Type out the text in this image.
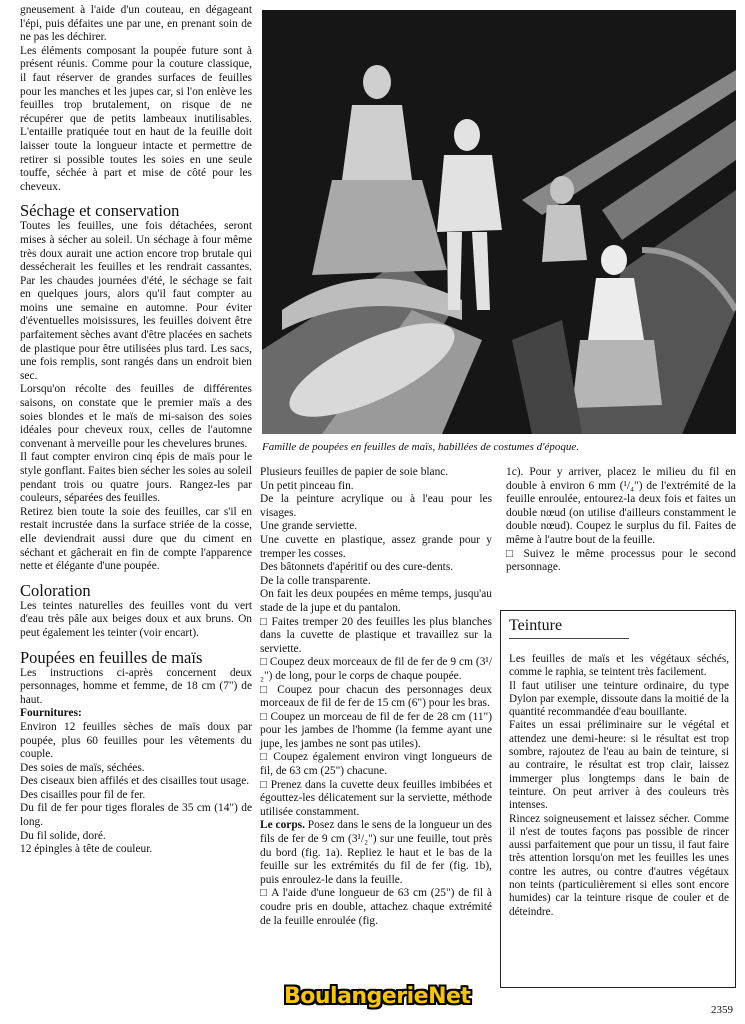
gneusement à l'aide d'un couteau, en dégageant l'épi, puis défaites une par une, en prenant soin de ne pas les déchirer.

Les éléments composant la poupée future sont à présent réunis. Comme pour la couture classique, il faut réserver de grandes surfaces de feuilles pour les manches et les jupes car, si l'on enlève les feuilles trop brutalement, on risque de ne récupérer que de petits lambeaux inutilisables. L'entaille pratiquée tout en haut de la feuille doit laisser toute la longueur intacte et permettre de retirer si possible toutes les soies en une seule touffe, séchée à part et mise de côté pour les cheveux.

Séchage et conservation

Toutes les feuilles, une fois détachées, seront mises à sécher au soleil. Un séchage à four même très doux aurait une action encore trop brutale qui dessécherait les feuilles et les rendrait cassantes. Par les chaudes journées d'été, le séchage se fait en quelques jours, alors qu'il faut compter au moins une semaine en automne. Pour éviter d'éventuelles moisissures, les feuilles doivent être parfaitement sèches avant d'être placées en sachets de plastique pour être utilisées plus tard. Les sacs, une fois remplis, sont rangés dans un endroit bien sec.

Lorsqu'on récolte des feuilles de différentes saisons, on constate que le premier maïs a des soies blondes et le maïs de mi-saison des soies idéales pour cheveux roux, celles de l'automne convenant à merveille pour les chevelures brunes.

Il faut compter environ cinq épis de maïs pour le style gonflant. Faites bien sécher les soies au soleil pendant trois ou quatre jours. Rangez-les par couleurs, séparées des feuilles.

Retirez bien toute la soie des feuilles, car s'il en restait incrustée dans la surface striée de la cosse, elle deviendrait aussi dure que du ciment en séchant et gâcherait en fin de compte l'apparence nette et élégante d'une poupée.

Coloration

Les teintes naturelles des feuilles vont du vert d'eau très pâle aux beiges doux et aux bruns. On peut également les teinter (voir encart).

Poupées en feuilles de maïs

Les instructions ci-après concernent deux personnages, homme et femme, de 18 cm (7") de haut.

Fournitures:

Environ 12 feuilles sèches de maïs doux par poupée, plus 60 feuilles pour les vêtements du couple.

Des soies de maïs, séchées.

Des ciseaux bien affilés et des cisailles tout usage.

Des cisailles pour fil de fer.

Du fil de fer pour tiges florales de 35 cm (14") de long.

Du fil solide, doré.

12 épingles à tête de couleur.

Famille de poupées en feuilles de maïs, habillées de costumes d'époque.

Plusieurs feuilles de papier de soie blanc.

Un petit pinceau fin.

De la peinture acrylique ou à l'eau pour les visages.

Une grande serviette.

Une cuvette en plastique, assez grande pour y tremper les cosses.

Des bâtonnets d'apéritif ou des cure-dents.

De la colle transparente.

On fait les deux poupées en même temps, jusqu'au stade de la jupe et du pantalon.

□ Faites tremper 20 des feuilles les plus blanches dans la cuvette de plastique et travaillez sur la serviette.

□ Coupez deux morceaux de fil de fer de 9 cm (3¹/₂") de long, pour le corps de chaque poupée.

□ Coupez pour chacun des personnages deux morceaux de fil de fer de 15 cm (6") pour les bras.

□ Coupez un morceau de fil de fer de 28 cm (11") pour les jambes de l'homme (la femme ayant une jupe, les jambes ne sont pas utiles).

□ Coupez également environ vingt longueurs de fil, de 63 cm (25") chacune.

□ Prenez dans la cuvette deux feuilles imbibées et égouttez-les délicatement sur la serviette, méthode utilisée constamment.

Le corps. Posez dans le sens de la longueur un des fils de fer de 9 cm (3¹/₂") sur une feuille, tout près du bord (fig. 1a). Repliez le haut et le bas de la feuille sur les extrémités du fil de fer (fig. 1b), puis enroulez-le dans la feuille.

□ A l'aide d'une longueur de 63 cm (25") de fil à coudre pris en double, attachez chaque extrémité de la feuille enroulée (fig.

1c). Pour y arriver, placez le milieu du fil en double à environ 6 mm (¹/₄") de l'extrémité de la feuille enroulée, entourez-la deux fois et faites un double nœud (on utilise d'ailleurs constamment le double nœud). Coupez le surplus du fil. Faites de même à l'autre bout de la feuille.

□ Suivez le même processus pour le second personnage.

Teinture

Les feuilles de maïs et les végétaux séchés, comme le raphia, se teintent très facilement.

Il faut utiliser une teinture ordinaire, du type Dylon par exemple, dissoute dans la moitié de la quantité recommandée d'eau bouillante.

Faites un essai préliminaire sur le végétal et attendez une demi-heure: si le résultat est trop sombre, rajoutez de l'eau au bain de teinture, si au contraire, le résultat est trop clair, laissez immerger plus longtemps dans le bain de teinture. On peut arriver à des couleurs très intenses.

Rincez soigneusement et laissez sécher. Comme il n'est de toutes façons pas possible de rincer aussi parfaitement que pour un tissu, il faut faire très attention lorsqu'on met les feuilles les unes contre les autres, ou contre d'autres végétaux non teints (particulièrement si elles sont encore humides) car la teinture risque de couler et de déteindre.

BoulangerieNet
2359
